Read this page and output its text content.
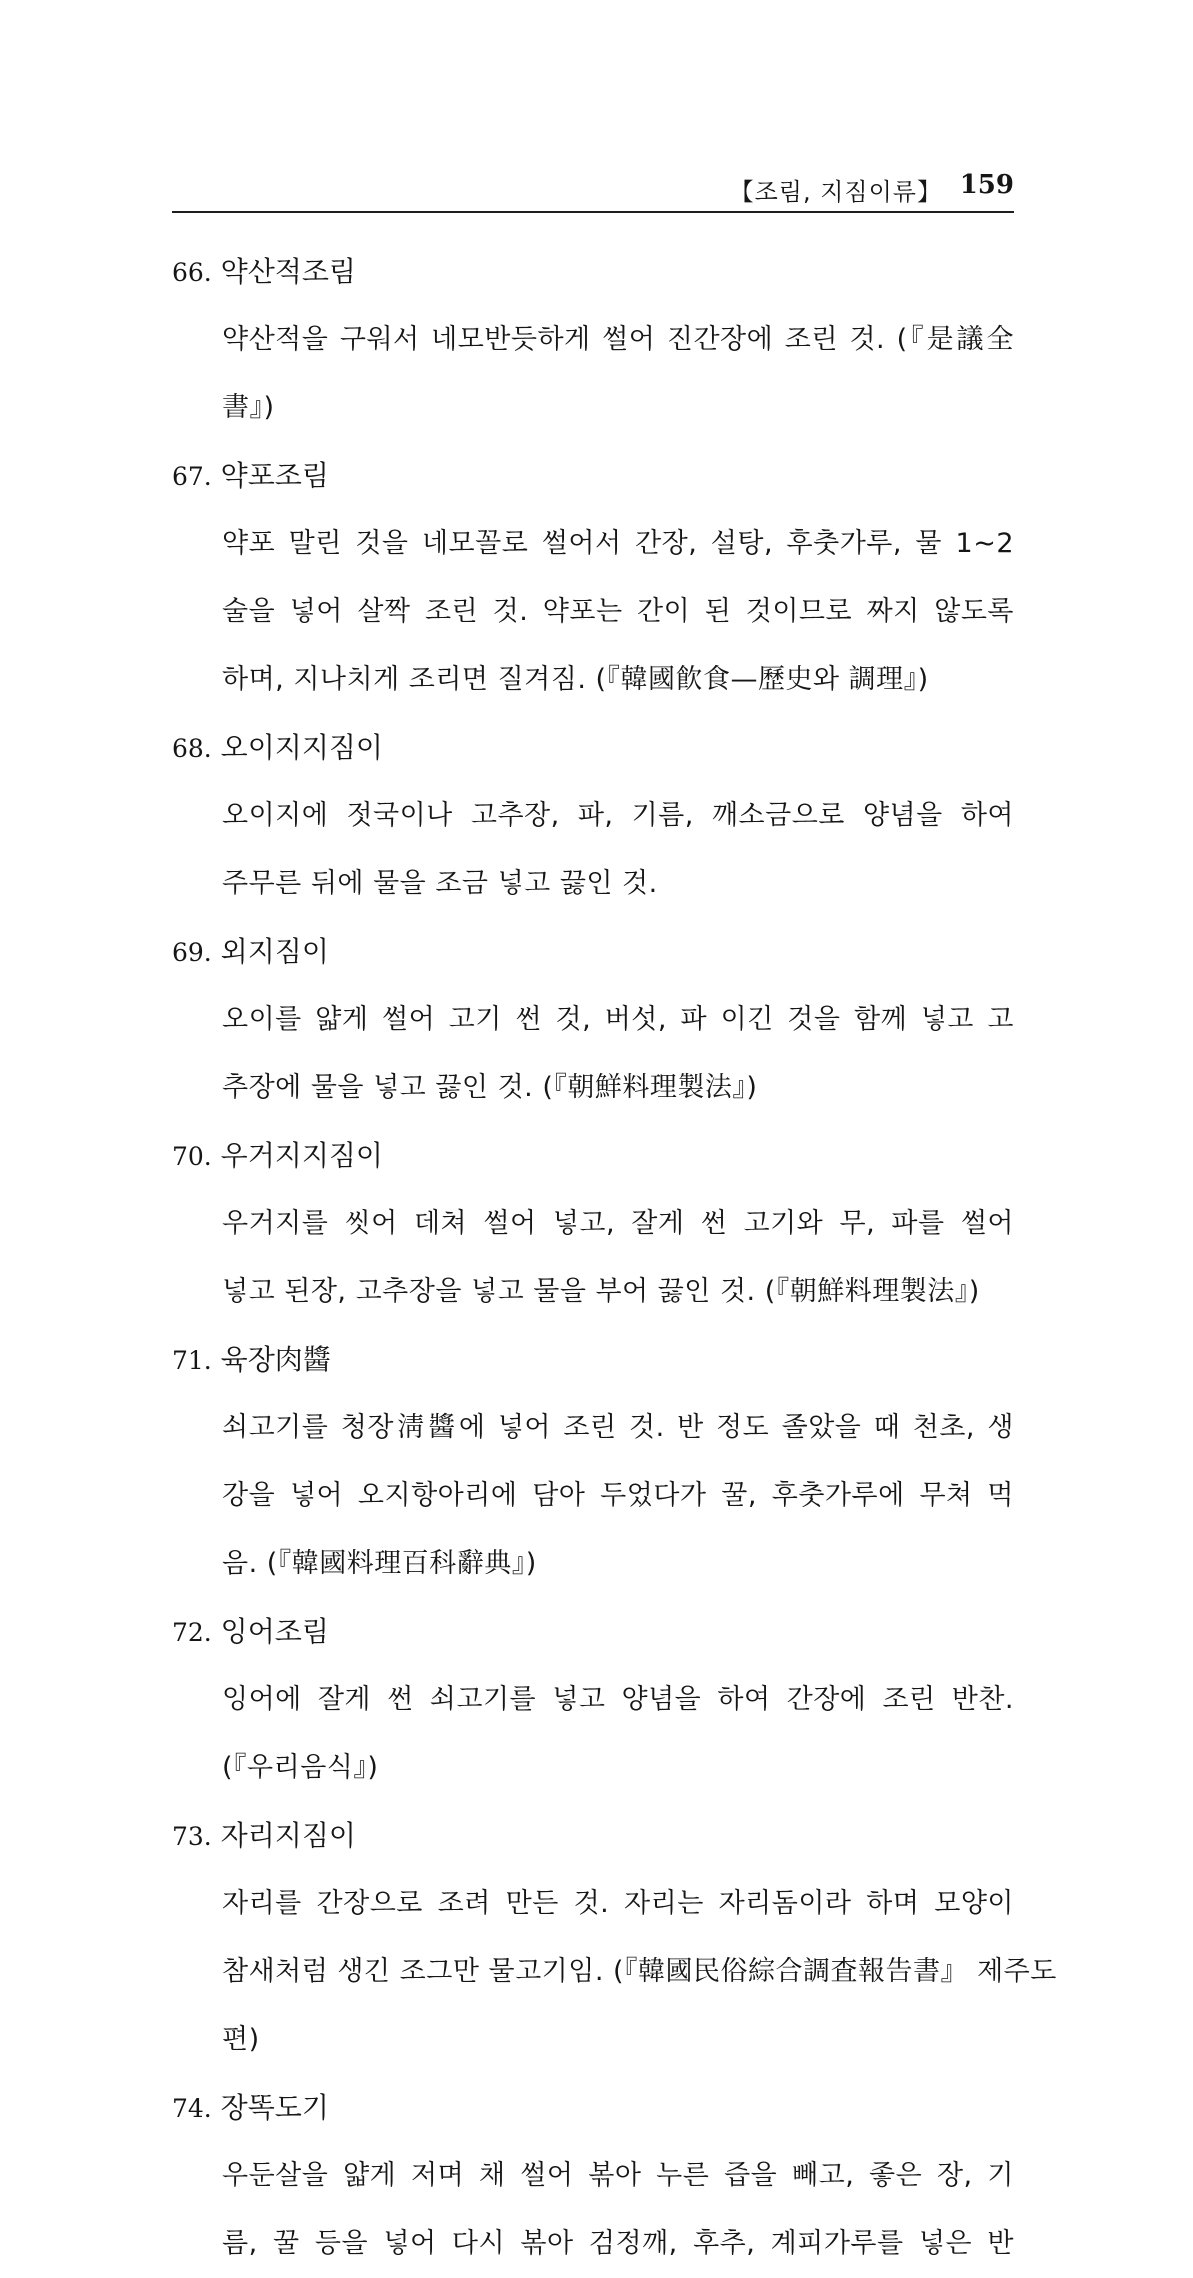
【조림, 지짐이류】 159
66. 약산적조림
약산적을 구워서 네모반듯하게 썰어 진간장에 조린 것. (『是議全
書』)
67. 약포조림
약포 말린 것을 네모꼴로 썰어서 간장, 설탕, 후춧가루, 물 1∼2
술을 넣어 살짝 조린 것. 약포는 간이 된 것이므로 짜지 않도록
하며, 지나치게 조리면 질겨짐. (『韓國飮食—歷史와 調理』)
68. 오이지지짐이
오이지에 젓국이나 고추장, 파, 기름, 깨소금으로 양념을 하여
주무른 뒤에 물을 조금 넣고 끓인 것.
69. 외지짐이
오이를 얇게 썰어 고기 썬 것, 버섯, 파 이긴 것을 함께 넣고 고
추장에 물을 넣고 끓인 것. (『朝鮮料理製法』)
70. 우거지지짐이
우거지를 씻어 데쳐 썰어 넣고, 잘게 썬 고기와 무, 파를 썰어
넣고 된장, 고추장을 넣고 물을 부어 끓인 것. (『朝鮮料理製法』)
71. 육장肉醬
쇠고기를 청장淸醬에 넣어 조린 것. 반 정도 졸았을 때 천초, 생
강을 넣어 오지항아리에 담아 두었다가 꿀, 후춧가루에 무쳐 먹
음. (『韓國料理百科辭典』)
72. 잉어조림
잉어에 잘게 썬 쇠고기를 넣고 양념을 하여 간장에 조린 반찬.
(『우리음식』)
73. 자리지짐이
자리를 간장으로 조려 만든 것. 자리는 자리돔이라 하며 모양이
참새처럼 생긴 조그만 물고기임. (『韓國民俗綜合調査報告書』 제주도
편)
74. 장똑도기
우둔살을 얇게 저며 채 썰어 볶아 누른 즙을 빼고, 좋은 장, 기
름, 꿀 등을 넣어 다시 볶아 검정깨, 후추, 계피가루를 넣은 반
